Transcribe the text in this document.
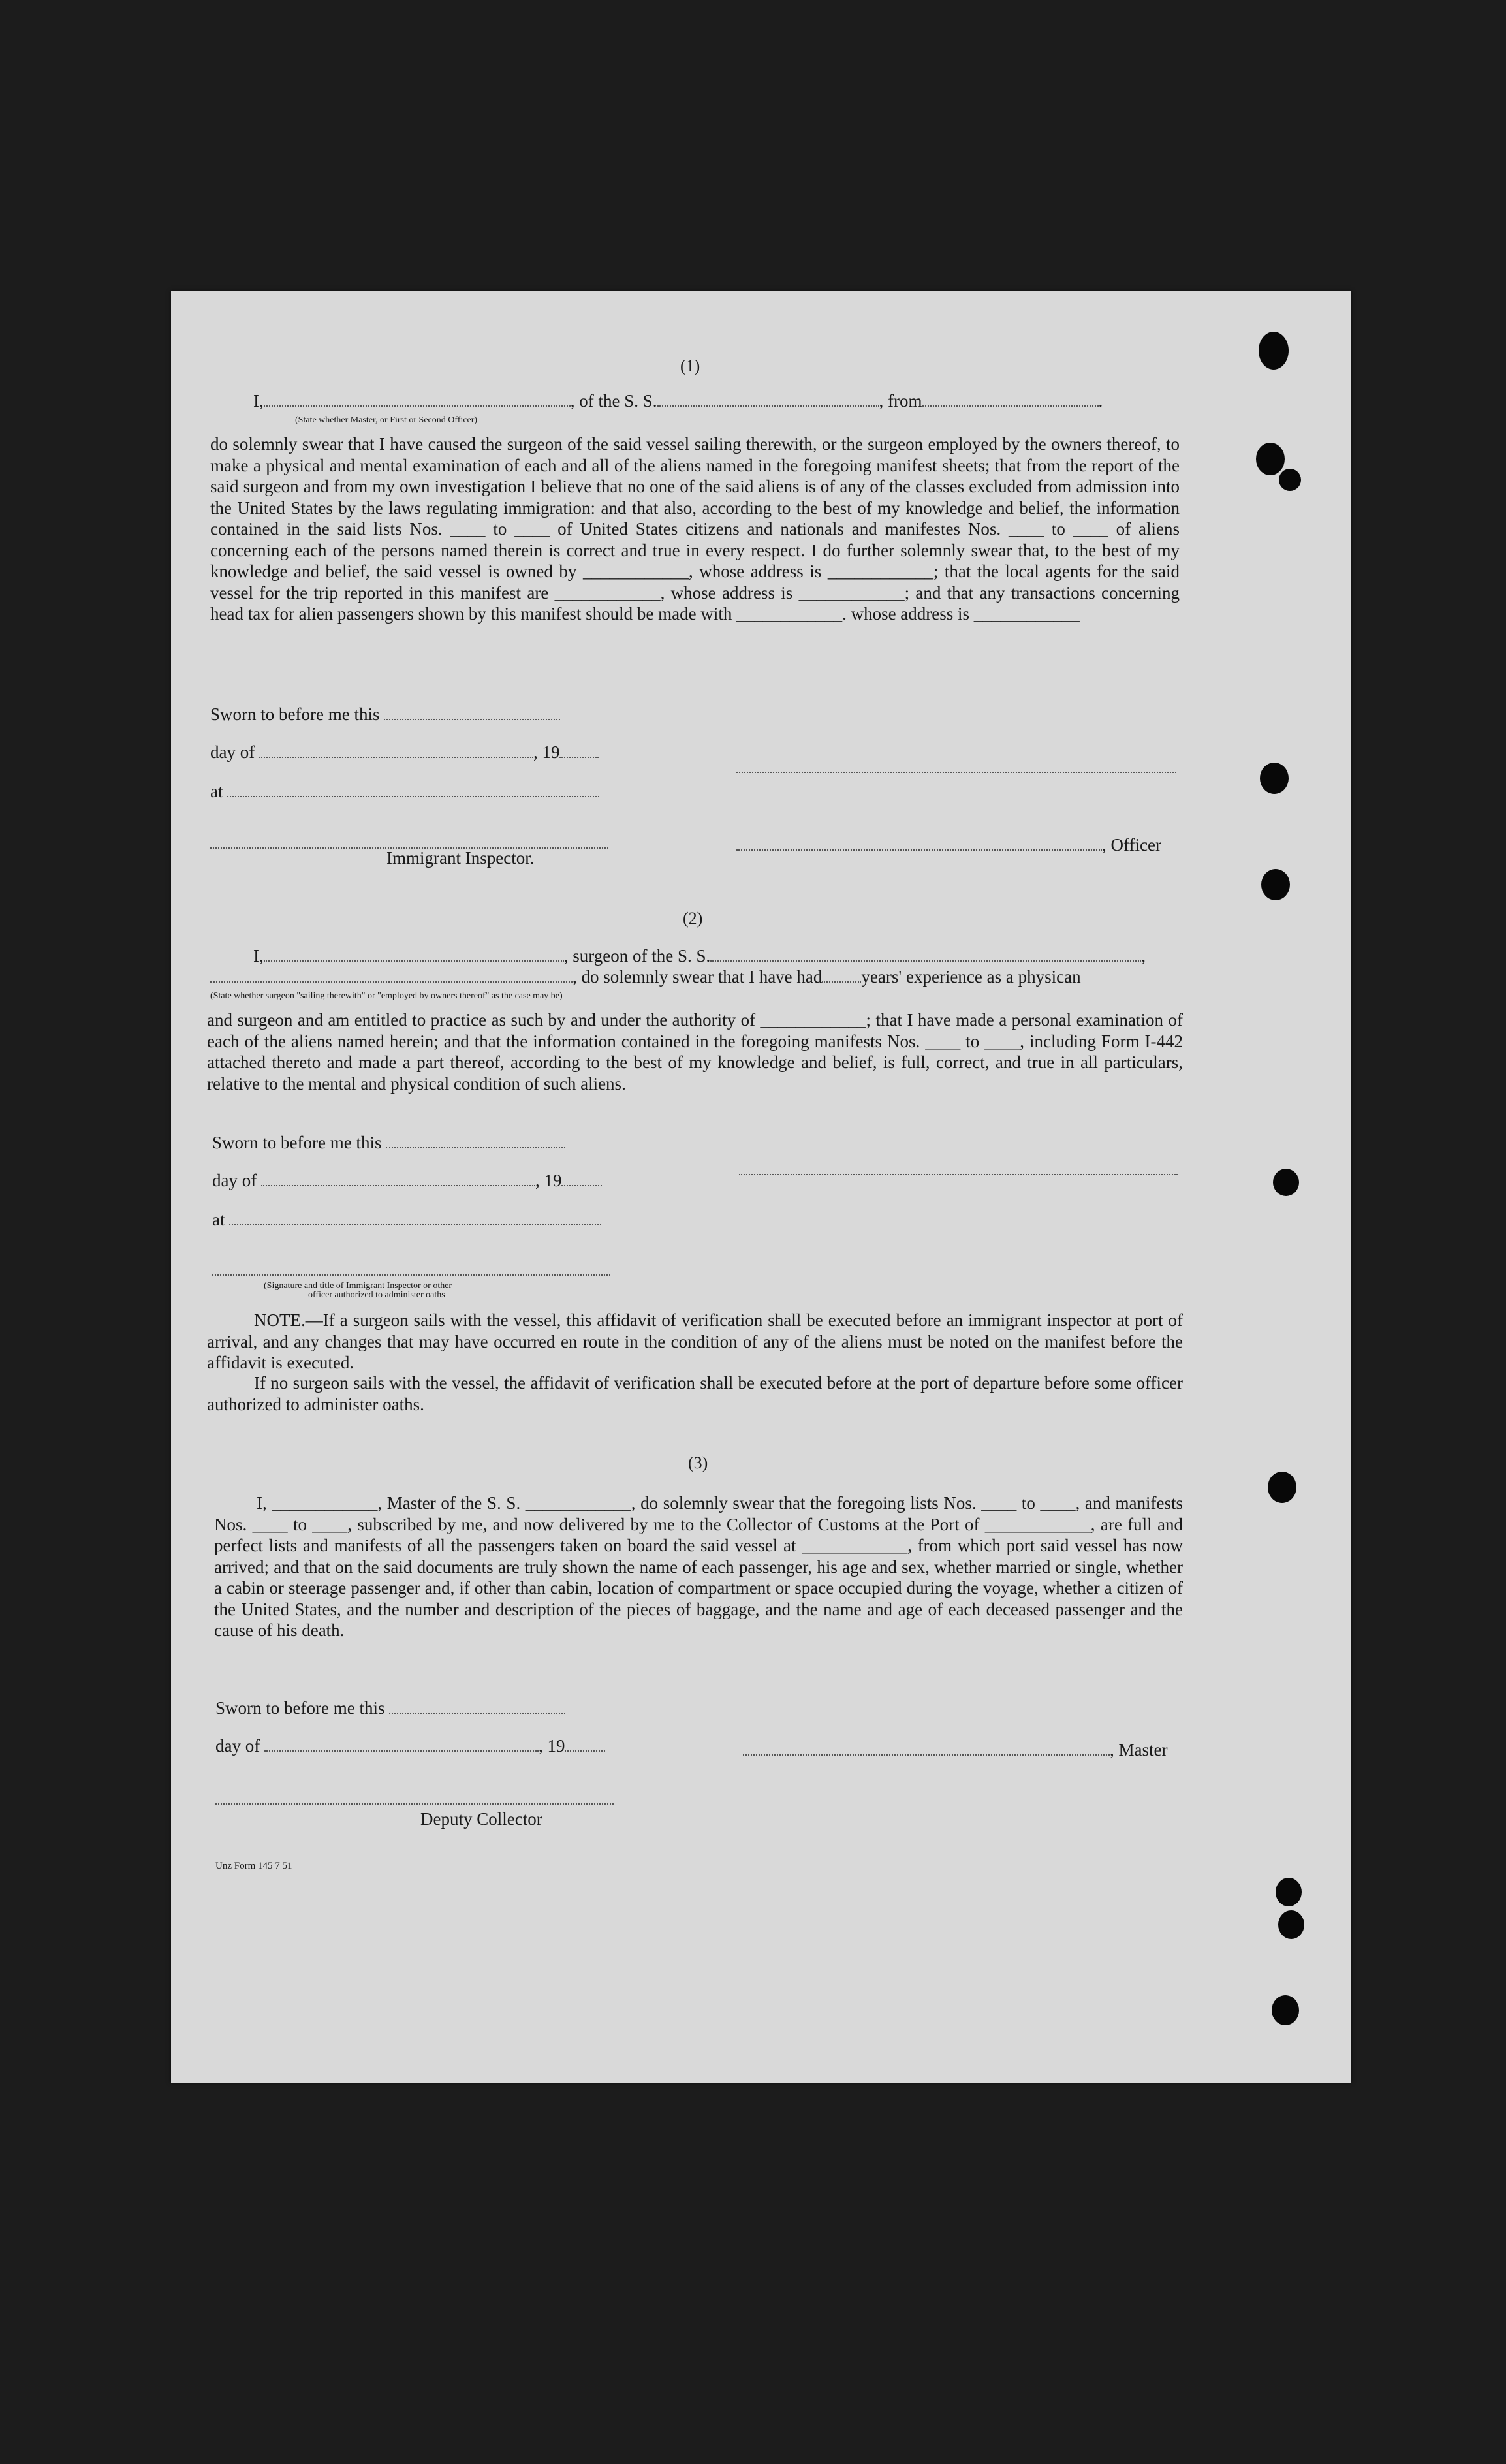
(1)
I,	, of the S. S.	, from	.
(State whether Master, or First or Second Officer)
do solemnly swear that I have caused the surgeon of the said vessel sailing therewith, or the surgeon employed by the owners thereof, to make a physical and mental examination of each and all of the aliens named in the foregoing manifest sheets; that from the report of the said surgeon and from my own investigation I believe that no one of the said aliens is of any of the classes excluded from admission into the United States by the laws regulating immigration: and that also, according to the best of my knowledge and belief, the information contained in the said lists Nos. ____ to ____ of United States citizens and nationals and manifestes Nos. ____ to ____ of aliens concerning each of the persons named therein is correct and true in every respect. I do further solemnly swear that, to the best of my knowledge and belief, the said vessel is owned by ____________, whose address is ____________; that the local agents for the said vessel for the trip reported in this manifest are ____________, whose address is ____________; and that any transactions concerning head tax for alien passengers shown by this manifest should be made with ____________. whose address is ____________
Sworn to before me this
day of	, 19
at
Immigrant Inspector.
, Officer
(2)
I,	, surgeon of the S. S.	,
, do solemnly swear that I have had years' experience as a physican
(State whether surgeon "sailing therewith" or "employed by owners thereof" as the case may be)
and surgeon and am entitled to practice as such by and under the authority of ____________; that I have made a personal examination of each of the aliens named herein; and that the information contained in the foregoing manifests Nos. ____ to ____, including Form I-442 attached thereto and made a part thereof, according to the best of my knowledge and belief, is full, correct, and true in all particulars, relative to the mental and physical condition of such aliens.
Sworn to before me this
day of	, 19
at
(Signature and title of Immigrant Inspector or other
officer authorized to administer oaths
NOTE.—If a surgeon sails with the vessel, this affidavit of verification shall be executed before an immigrant inspector at port of arrival, and any changes that may have occurred en route in the condition of any of the aliens must be noted on the manifest before the affidavit is executed.
If no surgeon sails with the vessel, the affidavit of verification shall be executed before at the port of departure before some officer authorized to administer oaths.
(3)
I, ____________, Master of the S. S. ____________, do solemnly swear that the foregoing lists Nos. ____ to ____, and manifests Nos. ____ to ____, subscribed by me, and now delivered by me to the Collector of Customs at the Port of ____________, are full and perfect lists and manifests of all the passengers taken on board the said vessel at ____________, from which port said vessel has now arrived; and that on the said documents are truly shown the name of each passenger, his age and sex, whether married or single, whether a cabin or steerage passenger and, if other than cabin, location of compartment or space occupied during the voyage, whether a citizen of the United States, and the number and description of the pieces of baggage, and the name and age of each deceased passenger and the cause of his death.
Sworn to before me this
day of	, 19	, Master
Deputy Collector
Unz Form 145 7 51
